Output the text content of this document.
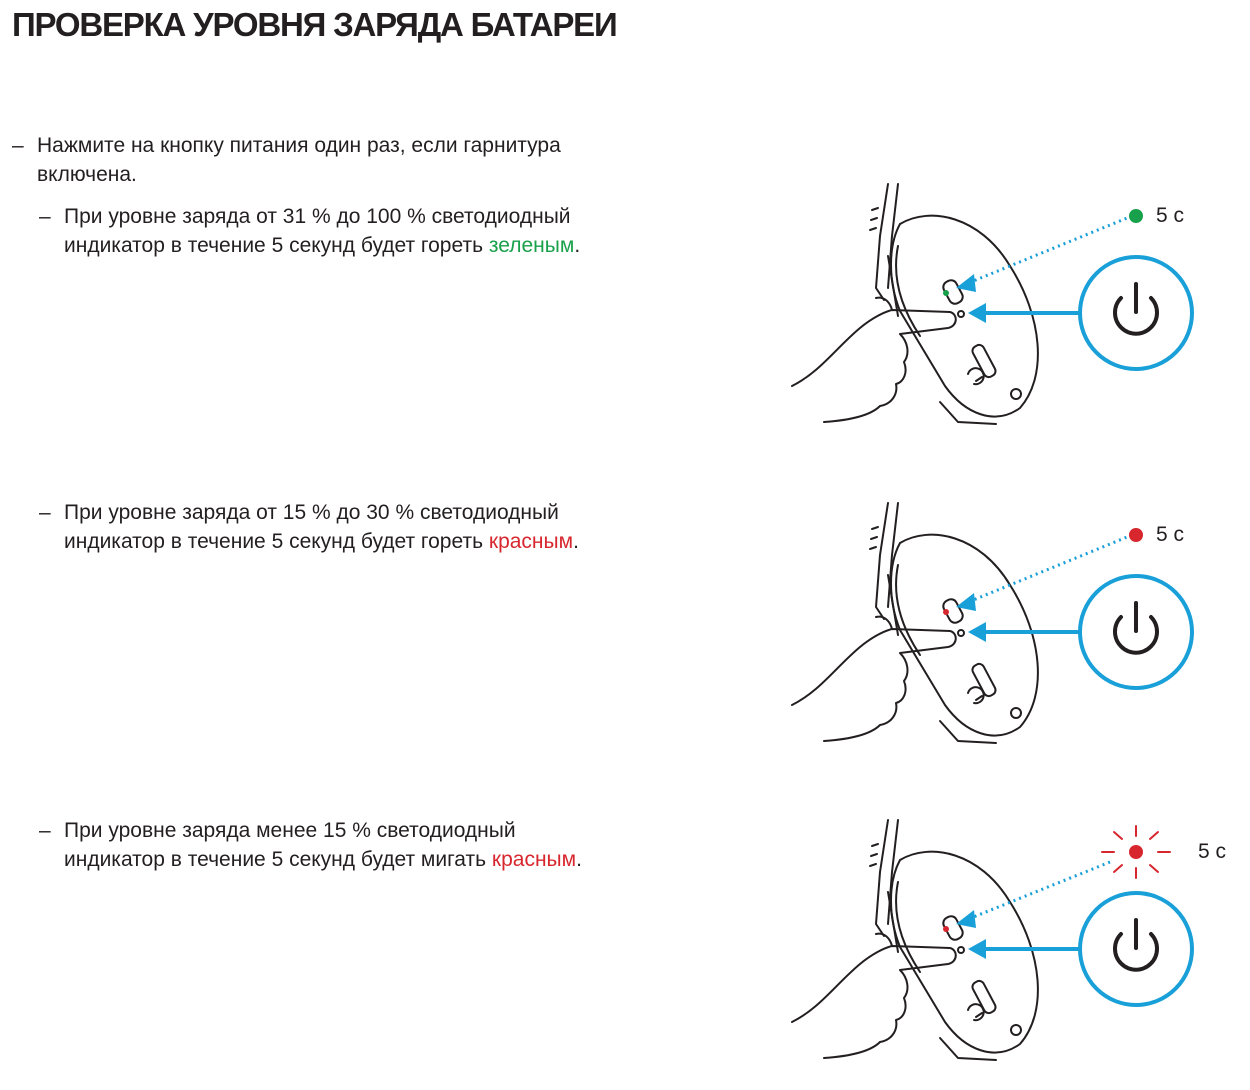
ПРОВЕРКА УРОВНЯ ЗАРЯДА БАТАРЕИ
– Нажмите на кнопку питания один раз, если гарнитура
включена.
– При уровне заряда от 31 % до 100 % светодиодный
индикатор в течение 5 секунд будет гореть зеленым.
– При уровне заряда от 15 % до 30 % светодиодный
индикатор в течение 5 секунд будет гореть красным.
– При уровне заряда менее 15 % светодиодный
индикатор в течение 5 секунд будет мигать красным.
5 с
5 с
5 с
